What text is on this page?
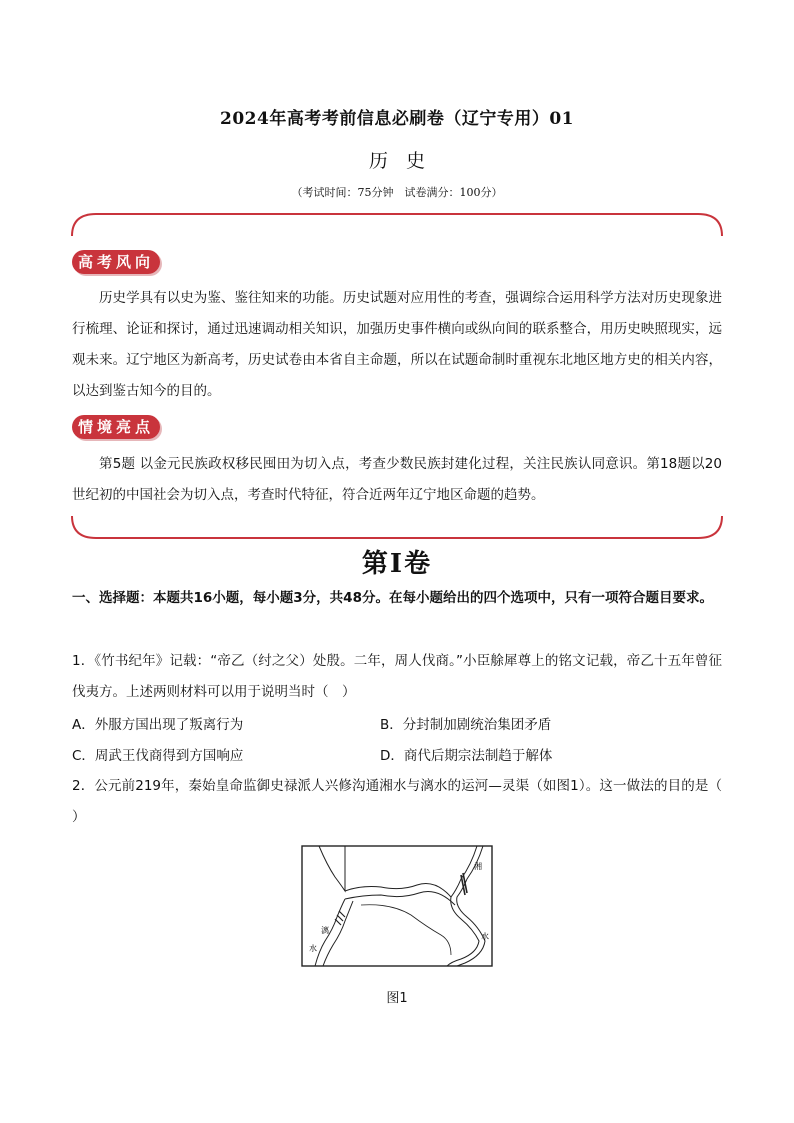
2024年高考考前信息必刷卷（辽宁专用）01
历史
（考试时间：75分钟　试卷满分：100分）
高考风向
历史学具有以史为鉴、鉴往知来的功能。历史试题对应用性的考查，强调综合运用科学方法对历史现象进行梳理、论证和探讨，通过迅速调动相关知识，加强历史事件横向或纵向间的联系整合，用历史映照现实，远观未来。辽宁地区为新高考，历史试卷由本省自主命题，所以在试题命制时重视东北地区地方史的相关内容，以达到鉴古知今的目的。
情境亮点
第5题 以金元民族政权移民囤田为切入点，考查少数民族封建化过程，关注民族认同意识。第18题以20世纪初的中国社会为切入点，考查时代特征，符合近两年辽宁地区命题的趋势。
第Ⅰ卷
一、选择题：本题共16小题，每小题3分，共48分。在每小题给出的四个选项中，只有一项符合题目要求。
1．《竹书纪年》记载：“帝乙（纣之父）处殷。二年，周人伐商。”小臣艅犀尊上的铭文记载，帝乙十五年曾征伐夷方。上述两则材料可以用于说明当时（　）
A．外服方国出现了叛离行为	B．分封制加剧统治集团矛盾
C．周武王伐商得到方国响应	D．商代后期宗法制趋于解体
2．公元前219年，秦始皇命监御史禄派人兴修沟通湘水与漓水的运河—灵渠（如图1）。这一做法的目的是（ ）
湘
水
漓
水
图1
